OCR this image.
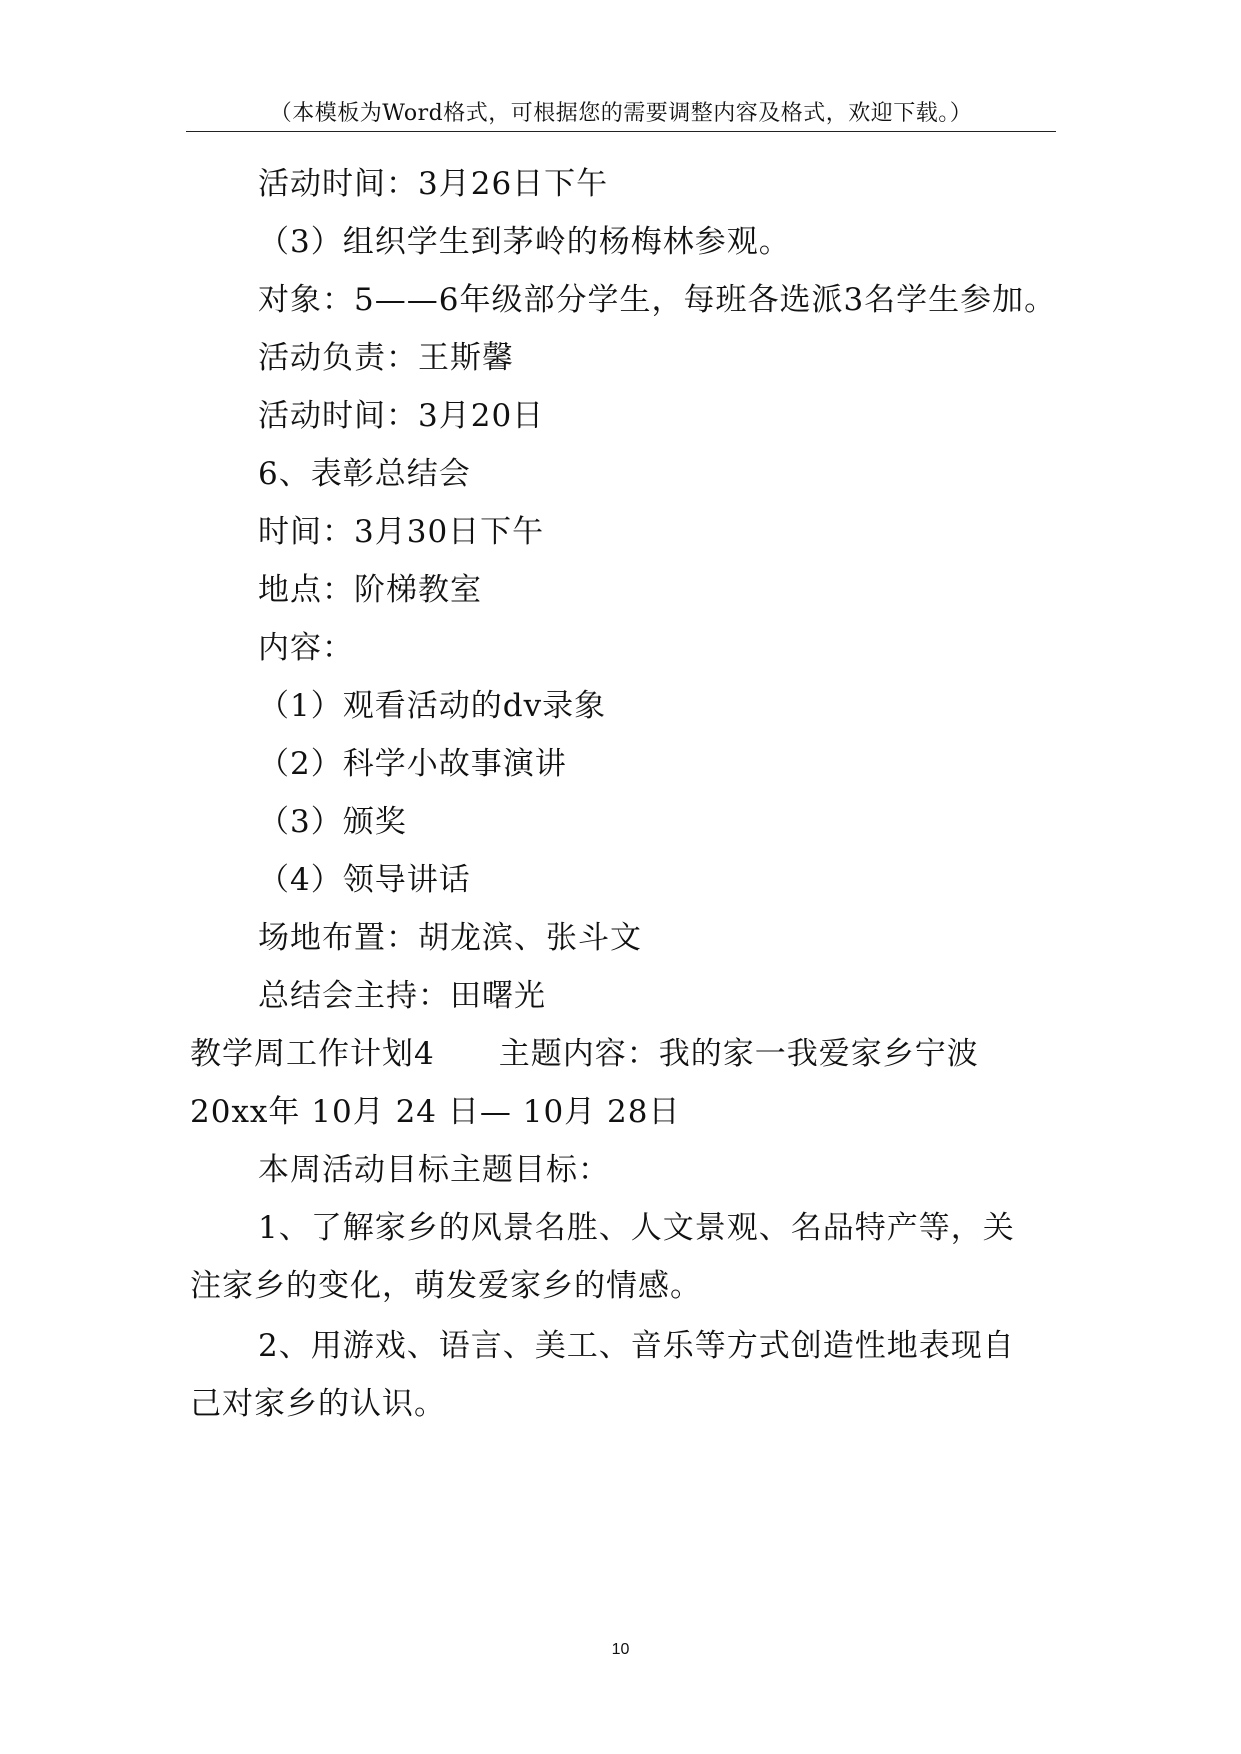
（本模板为Word格式，可根据您的需要调整内容及格式，欢迎下载。）
活动时间：3月26日下午
（3）组织学生到茅岭的杨梅林参观。
对象：5——6年级部分学生，每班各选派3名学生参加。
活动负责：王斯馨
活动时间：3月20日
6、表彰总结会
时间：3月30日下午
地点：阶梯教室
内容：
（1）观看活动的dv录象
（2）科学小故事演讲
（3）颁奖
（4）领导讲话
场地布置：胡龙滨、张斗文
总结会主持：田曙光
教学周工作计划4　　主题内容：我的家一我爱家乡宁波
20xx年 10月 24 日— 10月 28日
本周活动目标主题目标：
1、了解家乡的风景名胜、人文景观、名品特产等，关
注家乡的变化，萌发爱家乡的情感。
2、用游戏、语言、美工、音乐等方式创造性地表现自
己对家乡的认识。
10
